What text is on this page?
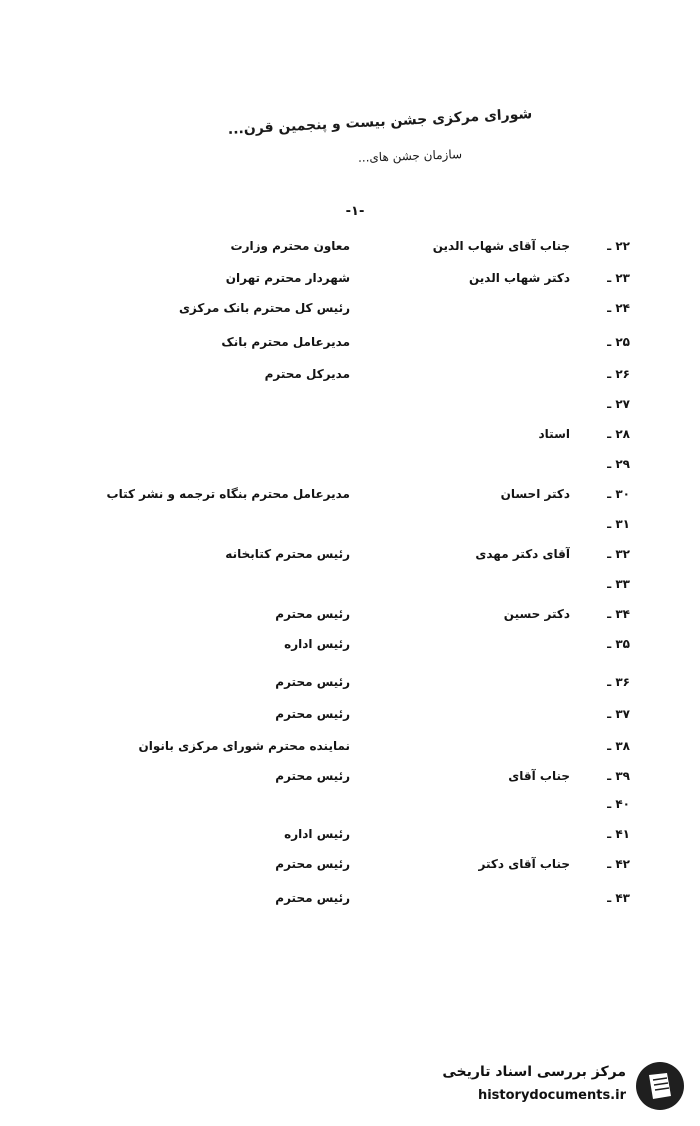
شورای مرکزی جشن بیست و پنجمین قرن...
سازمان جشن های...
-۱-
۲۲ ـ
جناب آقای شهاب الدین
معاون محترم وزارت
۲۳ ـ
دکتر شهاب الدین
شهردار محترم تهران
۲۴ ـ
رئیس کل محترم بانک مرکزی
۲۵ ـ
مدیرعامل محترم بانک
۲۶ ـ
مدیرکل محترم
۲۷ ـ
۲۸ ـ
استاد
۲۹ ـ
۳۰ ـ
دکتر احسان
مدیرعامل محترم بنگاه ترجمه و نشر کتاب
۳۱ ـ
۳۲ ـ
آقای دکتر مهدی
رئیس محترم کتابخانه
۳۳ ـ
۳۴ ـ
دکتر حسین
رئیس محترم
۳۵ ـ
رئیس اداره
۳۶ ـ
رئیس محترم
۳۷ ـ
رئیس محترم
۳۸ ـ
نماینده محترم شورای مرکزی بانوان
۳۹ ـ
جناب آقای
رئیس محترم
۴۰ ـ
۴۱ ـ
رئیس اداره
۴۲ ـ
جناب آقای دکتر
رئیس محترم
۴۳ ـ
رئیس محترم
مرکز بررسی اسناد تاریخی
historydocuments.ir
